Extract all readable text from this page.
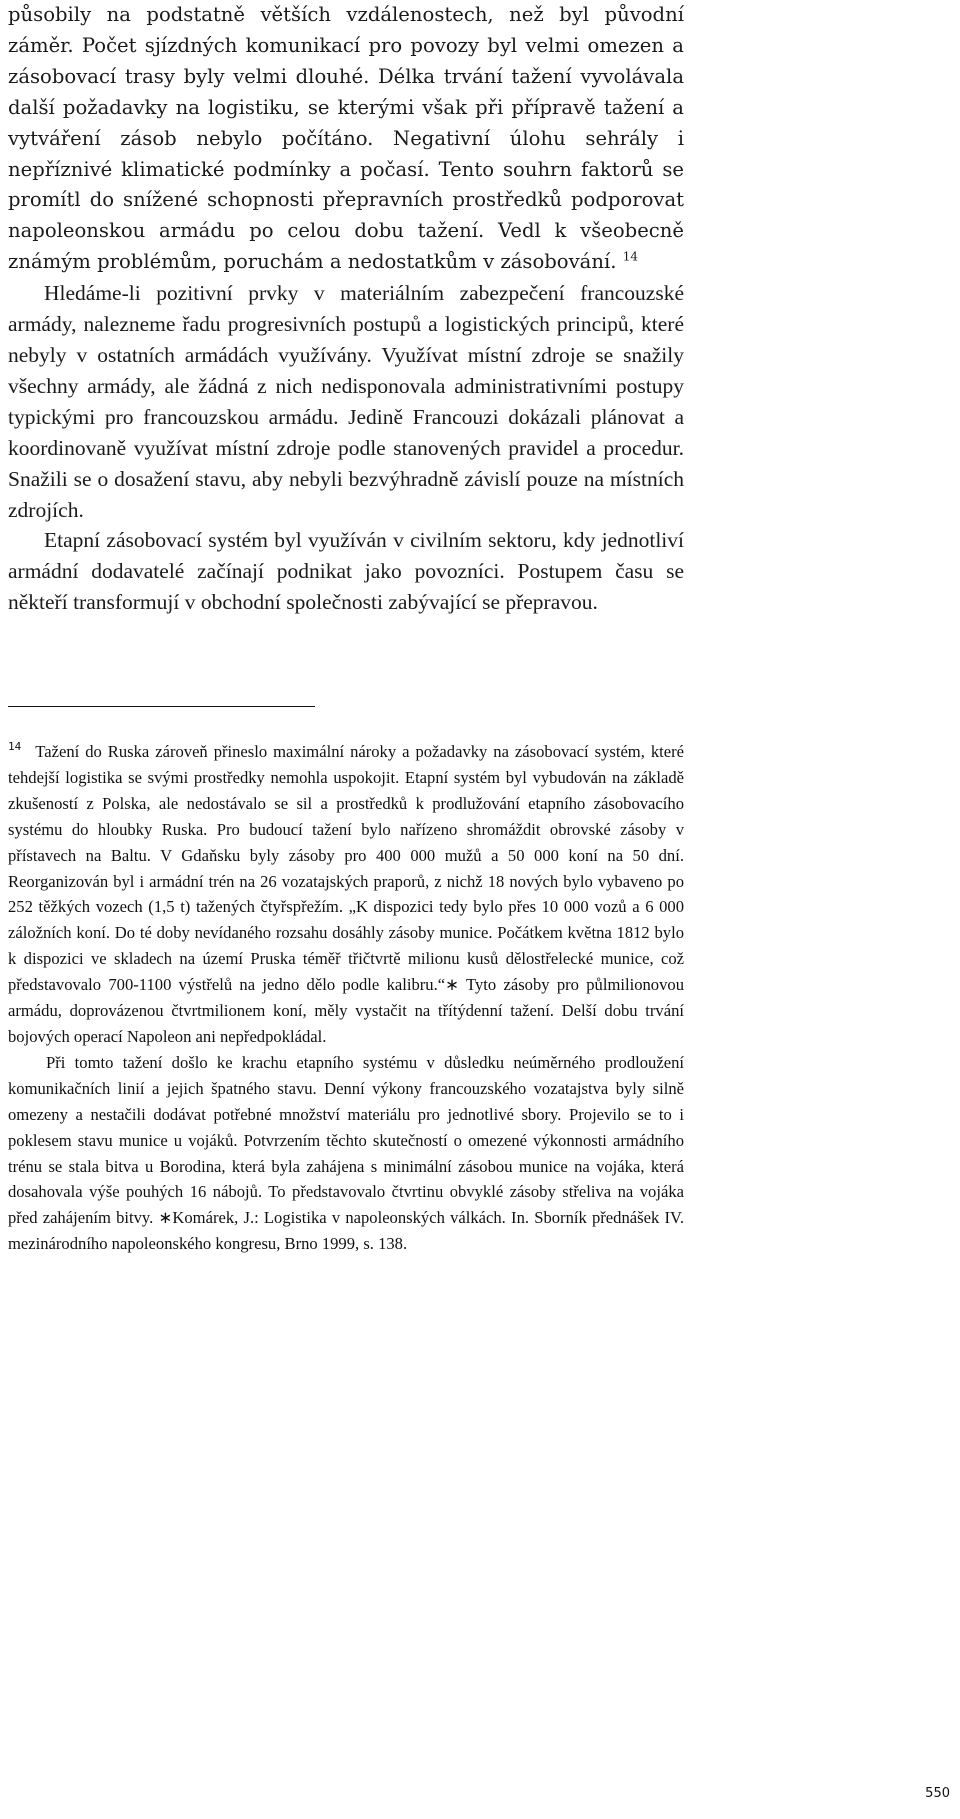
působily na podstatně větších vzdálenostech, než byl původní záměr. Počet sjízdných komunikací pro povozy byl velmi omezen a zásobovací trasy byly velmi dlouhé. Délka trvání tažení vyvolávala další požadavky na logistiku, se kterými však při přípravě tažení a vytváření zásob nebylo počítáno. Negativní úlohu sehrály i nepříznivé klimatické podmínky a počasí. Tento souhrn faktorů se promítl do snížené schopnosti přepravních prostředků podporovat napoleonskou armádu po celou dobu tažení. Vedl k všeobecně známým problémům, poruchám a nedostatkům v zásobování. $^{14}$

Hledáme-li pozitivní prvky v materiálním zabezpečení francouzské armády, nalezneme řadu progresivních postupů a logistických principů, které nebyly v ostatních armádách využívány. Využívat místní zdroje se snažily všechny armády, ale žádná z nich nedisponovala administrativními postupy typickými pro francouzskou armádu. Jedině Francouzi dokázali plánovat a koordinovaně využívat místní zdroje podle stanovených pravidel a procedur. Snažili se o dosažení stavu, aby nebyli bezvýhradně závislí pouze na místních zdrojích.

Etapní zásobovací systém byl využíván v civilním sektoru, kdy jednotliví armádní dodavatelé začínají podnikat jako povozníci. Postupem času se někteří transformují v obchodní společnosti zabývající se přepravou.

$^{14}$ Tažení do Ruska zároveň přineslo maximální nároky a požadavky na zásobovací systém, které tehdejší logistika se svými prostředky nemohla uspokojit. Etapní systém byl vybudován na základě zkušeností z Polska, ale nedostávalo se sil a prostředků k prodlužování etapního zásobovacího systému do hloubky Ruska. Pro budoucí tažení bylo nařízeno shromáždit obrovské zásoby v přístavech na Baltu. V Gdaňsku byly zásoby pro 400 000 mužů a 50 000 koní na 50 dní. Reorganizován byl i armádní trén na 26 vozatajských praporů, z nichž 18 nových bylo vybaveno po 252 těžkých vozech (1,5 t) tažených čtyřspřežím. „K dispozici tedy bylo přes 10 000 vozů a 6 000 záložních koní. Do té doby nevídaného rozsahu dosáhly zásoby munice. Počátkem května 1812 bylo k dispozici ve skladech na území Pruska téměř třičtvrtě milionu kusů dělostřelecké munice, což představovalo 700-1100 výstřelů na jedno dělo podle kalibru.“∗ Tyto zásoby pro půlmilionovou armádu, doprovázenou čtvrtmilionem koní, měly vystačit na třítýdenní tažení. Delší dobu trvání bojových operací Napoleon ani nepředpokládal.

Při tomto tažení došlo ke krachu etapního systému v důsledku neúměrného prodloužení komunikačních linií a jejich špatného stavu. Denní výkony francouzského vozatajstva byly silně omezeny a nestačili dodávat potřebné množství materiálu pro jednotlivé sbory. Projevilo se to i poklesem stavu munice u vojáků. Potvrzením těchto skutečností o omezené výkonnosti armádního trénu se stala bitva u Borodina, která byla zahájena s minimální zásobou munice na vojáka, která dosahovala výše pouhých 16 nábojů. To představovalo čtvrtinu obvyklé zásoby střeliva na vojáka před zahájením bitvy. ∗Komárek, J.: Logistika v napoleonských válkách. In. Sborník přednášek IV. mezinárodního napoleonského kongresu, Brno 1999, s. 138.

550
